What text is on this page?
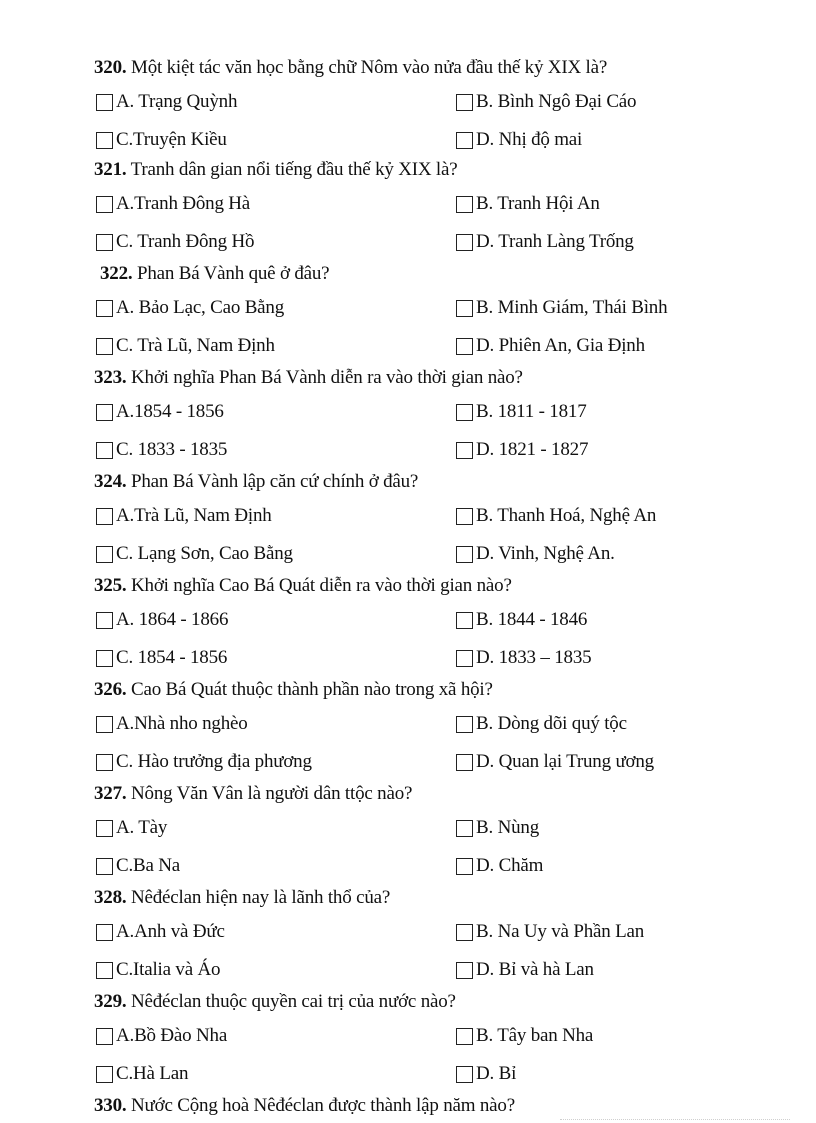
320. Một kiệt tác văn học bằng chữ Nôm vào nửa đầu thế kỷ XIX là?
A. Trạng Quỳnh	B. Bình Ngô Đại Cáo
C.Truyện Kiều	D. Nhị độ mai
321. Tranh dân gian nổi tiếng đầu thế kỷ XIX là?
A.Tranh Đông Hà	B. Tranh Hội An
C. Tranh Đông Hồ	D. Tranh Làng Trống
322. Phan Bá Vành quê ở đâu?
A. Bảo Lạc, Cao Bằng	B. Minh Giám, Thái Bình
C. Trà Lũ, Nam Định	D. Phiên An, Gia Định
323. Khởi nghĩa Phan Bá Vành diễn ra vào thời gian nào?
A.1854 - 1856	B. 1811 - 1817
C. 1833 - 1835	D. 1821 - 1827
324. Phan Bá Vành lập căn cứ chính ở đâu?
A.Trà Lũ, Nam Định	B. Thanh Hoá, Nghệ An
C. Lạng Sơn, Cao Bằng	D. Vinh, Nghệ An.
325. Khởi nghĩa Cao Bá Quát diễn ra vào thời gian nào?
A. 1864 - 1866	B. 1844 - 1846
C. 1854 - 1856	D. 1833 – 1835
326. Cao Bá Quát thuộc thành phần nào trong xã hội?
A.Nhà nho nghèo	B. Dòng dõi quý tộc
C. Hào trưởng địa phương	D. Quan lại Trung ương
327. Nông Văn Vân là người dân ttộc nào?
A. Tày	B. Nùng
C.Ba Na	D. Chăm
328. Nêđéclan hiện nay là lãnh thổ của?
A.Anh và Đức	B. Na Uy và Phần Lan
C.Italia và Áo	D. Bỉ và hà Lan
329. Nêđéclan thuộc quyền cai trị của nước nào?
A.Bồ Đào Nha	B. Tây ban Nha
C.Hà Lan	D. Bỉ
330. Nước Cộng hoà Nêđéclan được thành lập năm nào?
